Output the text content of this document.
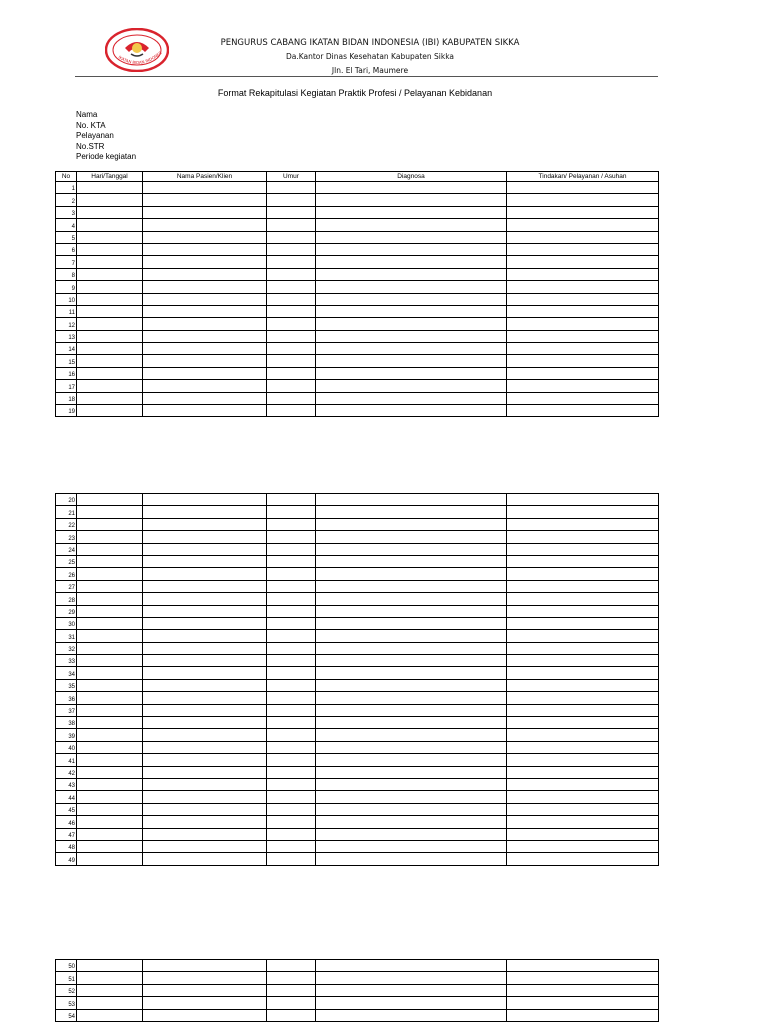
IKATAN BIDAN INDONES
PENGURUS CABANG IKATAN BIDAN INDONESIA (IBI) KABUPATEN SIKKA
Da.Kantor Dinas Kesehatan Kabupaten Sikka
Jln. El Tari, Maumere
Format Rekapitulasi Kegiatan Praktik Profesi / Pelayanan Kebidanan
Nama
No. KTA
Pelayanan
No.STR
Periode kegiatan
No	Hari/Tanggal	Nama Pasien/Klien	Umur	Diagnosa	Tindakan/ Pelayanan / Asuhan
1					
2					
3					
4					
5					
6					
7					
8					
9					
10					
11					
12					
13					
14					
15					
16					
17					
18					
19					
20					
21					
22					
23					
24					
25					
26					
27					
28					
29					
30					
31					
32					
33					
34					
35					
36					
37					
38					
39					
40					
41					
42					
43					
44					
45					
46					
47					
48					
49					
50					
51					
52					
53					
54					
